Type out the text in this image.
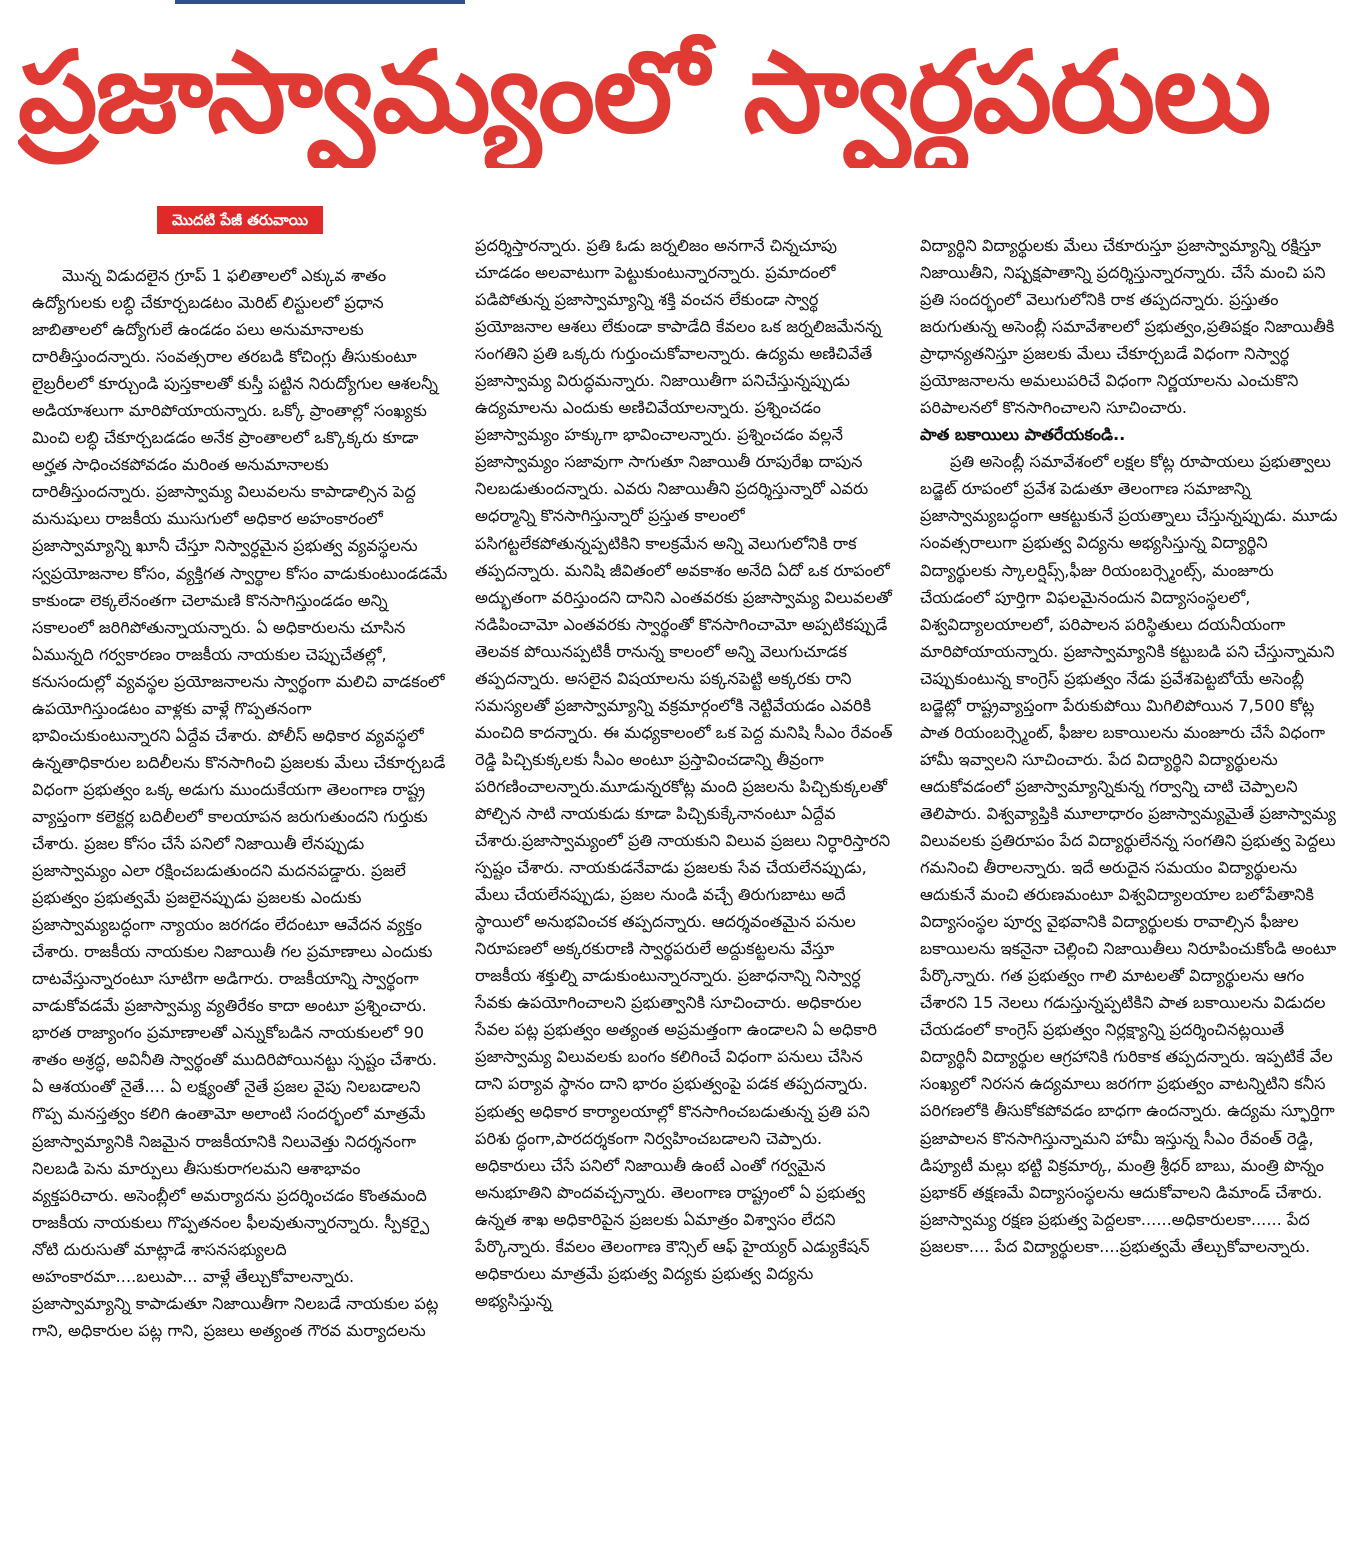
ప్రజాస్వామ్యంలో స్వార్ధపరులు
మొదటి పేజీ తరువాయి

మొన్న విడుదలైన గ్రూప్ 1 ఫలితాలలో ఎక్కువ శాతం ఉద్యోగులకు లబ్ధి చేకూర్చబడటం మెరిట్ లిస్టులలో ప్రధాన జాబితాలలో ఉద్యోగులే ఉండడం పలు అనుమానాలకు దారితీస్తుందన్నారు. సంవత్సరాల తరబడి కోచింగ్లు తీసుకుంటూ లైబ్రరీలలో కూర్చుండి పుస్తకాలతో కుస్తీ పట్టిన నిరుద్యోగుల ఆశలన్నీ అడియాశలుగా మారిపోయాయన్నారు. ఒక్కో ప్రాంతాల్లో సంఖ్యకు మించి లబ్ధి చేకూర్చబడడం అనేక ప్రాంతాలలో ఒక్కొక్కరు కూడా అర్హత సాధించకపోవడం మరింత అనుమానాలకు దారితీస్తుందన్నారు. ప్రజాస్వామ్య విలువలను కాపాడాల్సిన పెద్ద మనుషులు రాజకీయ ముసుగులో అధికార అహంకారంలో ప్రజాస్వామ్యాన్ని ఖూనీ చేస్తూ నిస్వార్ధమైన ప్రభుత్వ వ్యవస్థలను స్వప్రయోజనాల కోసం, వ్యక్తిగత స్వార్థాల కోసం వాడుకుంటుండడమే కాకుండా లెక్కలేనంతగా చెలామణి కొనసాగిస్తుండడం అన్ని సకాలంలో జరిగిపోతున్నాయన్నారు. ఏ అధికారులను చూసిన ఏమున్నది గర్వకారణం రాజకీయ నాయకుల చెప్పుచేతల్లో, కనుసందుల్లో వ్యవస్థల ప్రయోజనాలను స్వార్థంగా మలిచి వాడకంలో ఉపయోగిస్తుండటం వాళ్లకు వాళ్లే గొప్పతనంగా భావించుకుంటున్నారని ఏద్దేవ చేశారు. పోలీస్ అధికార వ్యవస్థలో ఉన్నతాధికారుల బదిలీలను కొనసాగించి ప్రజలకు మేలు చేకూర్చబడే విధంగా ప్రభుత్వం ఒక్క అడుగు ముందుకేయగా తెలంగాణ రాష్ట్ర వ్యాప్తంగా కలెక్టర్ల బదిలీలలో కాలయాపన జరుగుతుందని గుర్తుకు చేశారు. ప్రజల కోసం చేసే పనిలో నిజాయితీ లేనప్పుడు ప్రజాస్వామ్యం ఎలా రక్షించబడుతుందని మదనపడ్డారు. ప్రజలే ప్రభుత్వం ప్రభుత్వమే ప్రజలైనప్పుడు ప్రజలకు ఎందుకు ప్రజాస్వామ్యబద్ధంగా న్యాయం జరగడం లేదంటూ ఆవేదన వ్యక్తం చేశారు. రాజకీయ నాయకుల నిజాయితీ గల ప్రమాణాలు ఎందుకు దాటవేస్తున్నారంటూ సూటిగా అడిగారు. రాజకీయాన్ని స్వార్థంగా వాడుకోవడమే ప్రజాస్వామ్య వ్యతిరేకం కాదా అంటూ ప్రశ్నించారు. భారత రాజ్యాంగం ప్రమాణాలతో ఎన్నుకోబడిన నాయకులలో 90 శాతం అశ్రద్ధ, అవినీతి స్వార్థంతో ముదిరిపోయినట్టు స్పష్టం చేశారు. ఏ ఆశయంతో నైతే.... ఏ లక్ష్యంతో నైతే ప్రజల వైపు నిలబడాలని గొప్ప మనస్తత్వం కలిగి ఉంతామో అలాంటి సందర్భంలో మాత్రమే ప్రజాస్వామ్యానికి నిజమైన రాజకీయానికి నిలువెత్తు నిదర్శనంగా నిలబడి పెను మార్పులు తీసుకురాగలమని ఆశాభావం వ్యక్తపరిచారు. అసెంబ్లీలో అమర్యాదను ప్రదర్శించడం కొంతమంది రాజకీయ నాయకులు గొప్పతనంల ఫీలవుతున్నారన్నారు. స్పీకర్పై నోటి దురుసుతో మాట్లాడే శాసనసభ్యులది అహంకారమా....బలుపా... వాళ్లే తేల్చుకోవాలన్నారు. ప్రజాస్వామ్యాన్ని కాపాడుతూ నిజాయితీగా నిలబడే నాయకుల పట్ల గాని, అధికారుల పట్ల గాని, ప్రజలు అత్యంత గౌరవ మర్యాదలను

ప్రదర్శిస్తారన్నారు. ప్రతి ఓడు జర్నలిజం అనగానే చిన్నచూపు చూడడం అలవాటుగా పెట్టుకుంటున్నారన్నారు. ప్రమాదంలో పడిపోతున్న ప్రజాస్వామ్యాన్ని శక్తి వంచన లేకుండా స్వార్థ ప్రయోజనాల ఆశలు లేకుండా కాపాడేది కేవలం ఒక జర్నలిజమేనన్న సంగతిని ప్రతి ఒక్కరు గుర్తుంచుకోవాలన్నారు. ఉద్యమ అణిచివేతే ప్రజాస్వామ్య విరుద్ధమన్నారు. నిజాయితీగా పనిచేస్తున్నప్పుడు ఉద్యమాలను ఎందుకు అణిచివేయాలన్నారు. ప్రశ్నించడం ప్రజాస్వామ్యం హక్కుగా భావించాలన్నారు. ప్రశ్నించడం వల్లనే ప్రజాస్వామ్యం సజావుగా సాగుతూ నిజాయితీ రూపురేఖ దాపున నిలబడుతుందన్నారు. ఎవరు నిజాయితీని ప్రదర్శిస్తున్నారో ఎవరు అధర్మాన్ని కొనసాగిస్తున్నారో ప్రస్తుత కాలంలో పసిగట్టలేకపోతున్నప్పటికిని కాలక్రమేన అన్ని వెలుగులోనికి రాక తప్పదన్నారు. మనిషి జీవితంలో అవకాశం అనేది ఏదో ఒక రూపంలో అద్భుతంగా వరిస్తుందని దానిని ఎంతవరకు ప్రజాస్వామ్య విలువలతో నడిపించామో ఎంతవరకు స్వార్థంతో కొనసాగించామో అప్పటికప్పుడే తెలవక పోయినప్పటికీ రానున్న కాలంలో అన్ని వెలుగుచూడక తప్పదన్నారు. అసలైన విషయాలను పక్కనపెట్టి అక్కరకు రాని సమస్యలతో ప్రజాస్వామ్యాన్ని వక్రమార్గంలోకి నెట్టివేయడం ఎవరికి మంచిది కాదన్నారు. ఈ మధ్యకాలంలో ఒక పెద్ద మనిషి సీఎం రేవంత్ రెడ్డి పిచ్చికుక్కలకు సీఎం అంటూ ప్రస్తావించడాన్ని తీవ్రంగా పరిగణించాలన్నారు.మూడున్నరకోట్ల మంది ప్రజలను పిచ్చికుక్కలతో పోల్చిన సాటి నాయకుడు కూడా పిచ్చికుక్కేనానంటూ ఏద్దేవ చేశారు.ప్రజాస్వామ్యంలో ప్రతి నాయకుని విలువ ప్రజలు నిర్ధారిస్తారని స్పష్టం చేశారు. నాయకుడనేవాడు ప్రజలకు సేవ చేయలేనప్పుడు, మేలు చేయలేనప్పుడు, ప్రజల నుండి వచ్చే తిరుగుబాటు అదే స్థాయిలో అనుభవించక తప్పదన్నారు. ఆదర్శవంతమైన పనుల నిరూపణలో అక్కరకురాణి స్వార్థపరులే అద్దుకట్టలను వేస్తూ రాజకీయ శక్తుల్ని వాడుకుంటున్నారన్నారు. ప్రజాధనాన్ని నిస్వార్ధ సేవకు ఉపయోగించాలని ప్రభుత్వానికి సూచించారు. అధికారుల సేవల పట్ల ప్రభుత్వం అత్యంత అప్రమత్తంగా ఉండాలని ఏ అధికారి ప్రజాస్వామ్య విలువలకు బంగం కలిగించే విధంగా పనులు చేసిన దాని పర్యావ స్థానం దాని భారం ప్రభుత్వంపై పడక తప్పదన్నారు. ప్రభుత్వ అధికార కార్యాలయాల్లో కొనసాగించబడుతున్న ప్రతి పని పరిశు ద్ధంగా,పారదర్శకంగా నిర్వహించబడాలని చెప్పారు. అధికారులు చేసే పనిలో నిజాయితీ ఉంటే ఎంతో గర్వమైన అనుభూతిని పొందవచ్చన్నారు. తెలంగాణ రాష్ట్రంలో ఏ ప్రభుత్వ ఉన్నత శాఖ అధికారిపైన ప్రజలకు ఏమాత్రం విశ్వాసం లేదని పేర్కొన్నారు. కేవలం తెలంగాణ కౌన్సిల్ ఆఫ్ హైయ్యర్ ఎడ్యుకేషన్ అధికారులు మాత్రమే ప్రభుత్వ విద్యకు ప్రభుత్వ విద్యను అభ్యసిస్తున్న

విద్యార్థిని విద్యార్థులకు మేలు చేకూరుస్తూ ప్రజాస్వామ్యాన్ని రక్షిస్తూ నిజాయితీని, నిష్పక్షపాతాన్ని ప్రదర్శిస్తున్నారన్నారు. చేసే మంచి పని ప్రతి సందర్భంలో వెలుగులోనికి రాక తప్పదన్నారు. ప్రస్తుతం జరుగుతున్న అసెంబ్లీ సమావేశాలలో ప్రభుత్వం,ప్రతిపక్షం నిజాయితీకి ప్రాధాన్యతనిస్తూ ప్రజలకు మేలు చేకూర్చబడే విధంగా నిస్వార్థ ప్రయోజనాలను అమలుపరిచే విధంగా నిర్ణయాలను ఎంచుకొని పరిపాలనలో కొనసాగించాలని సూచించారు.

పాత బకాయిలు పాతరేయకండి..

ప్రతి అసెంబ్లీ సమావేశంలో లక్షల కోట్ల రూపాయలు ప్రభుత్వాలు బడ్జెట్ రూపంలో ప్రవేశ పెడుతూ తెలంగాణ సమాజాన్ని ప్రజాస్వామ్యబద్ధంగా ఆకట్టుకునే ప్రయత్నాలు చేస్తున్నప్పుడు. మూడు సంవత్సరాలుగా ప్రభుత్వ విద్యను అభ్యసిస్తున్న విద్యార్థిని విద్యార్థులకు స్కాలర్షిప్స్,ఫీజు రియంబర్స్మెంట్స్, మంజూరు చేయడంలో పూర్తిగా విఫలమైనందున విద్యాసంస్థలలో, విశ్వవిద్యాలయాలలో, పరిపాలన పరిస్థితులు దయనీయంగా మారిపోయాయన్నారు. ప్రజాస్వామ్యానికి కట్టుబడి పని చేస్తున్నామని చెప్పుకుంటున్న కాంగ్రెస్ ప్రభుత్వం నేడు ప్రవేశపెట్టబోయే అసెంబ్లీ బడ్జెట్లో రాష్ట్రవ్యాప్తంగా పేరుకుపోయి మిగిలిపోయిన 7,500 కోట్ల పాత రియంబర్స్మెంట్, ఫీజుల బకాయిలను మంజూరు చేసే విధంగా హామీ ఇవ్వాలని సూచించారు. పేద విద్యార్థిని విద్యార్థులను ఆదుకోవడంలో ప్రజాస్వామ్యాన్నికున్న గర్వాన్ని చాటి చెప్పాలని తెలిపారు. విశ్వవ్యాప్తికి మూలాధారం ప్రజాస్వామ్యమైతే ప్రజాస్వామ్య విలువలకు ప్రతిరూపం పేద విద్యార్థులేనన్న సంగతిని ప్రభుత్వ పెద్దలు గమనించి తీరాలన్నారు. ఇదే అరుదైన సమయం విద్యార్థులను ఆదుకునే మంచి తరుణమంటూ విశ్వవిద్యాలయాల బలోపేతానికి విద్యాసంస్థల పూర్వ వైభవానికి విద్యార్థులకు రావాల్సిన ఫీజుల బకాయిలను ఇకనైనా చెల్లించి నిజాయితీలు నిరూపించుకోండి అంటూ పేర్కొన్నారు. గత ప్రభుత్వం గాలి మాటలతో విద్యార్థులను ఆగం చేశారని 15 నెలలు గడుస్తున్నప్పటికిని పాత బకాయిలను విడుదల చేయడంలో కాంగ్రెస్ ప్రభుత్వం నిర్లక్ష్యాన్ని ప్రదర్శించినట్లయితే విద్యార్థినీ విద్యార్థుల ఆగ్రహానికి గురికాక తప్పదన్నారు. ఇప్పటికే వేల సంఖ్యలో నిరసన ఉద్యమాలు జరగగా ప్రభుత్వం వాటన్నిటిని కనీస పరిగణలోకి తీసుకోకపోవడం బాధగా ఉందన్నారు. ఉద్యమ స్ఫూర్తిగా ప్రజాపాలన కొనసాగిస్తున్నామని హామీ ఇస్తున్న సీఎం రేవంత్ రెడ్డి, డిప్యూటీ మల్లు భట్టి విక్రమార్క, మంత్రి శ్రీధర్ బాబు, మంత్రి పొన్నం ప్రభాకర్ తక్షణమే విద్యాసంస్థలను ఆదుకోవాలని డిమాండ్ చేశారు. ప్రజాస్వామ్య రక్షణ ప్రభుత్వ పెద్దలకా......అధికారులకా...... పేద ప్రజలకా.... పేద విద్యార్థులకా....ప్రభుత్వమే తేల్చుకోవాలన్నారు.
